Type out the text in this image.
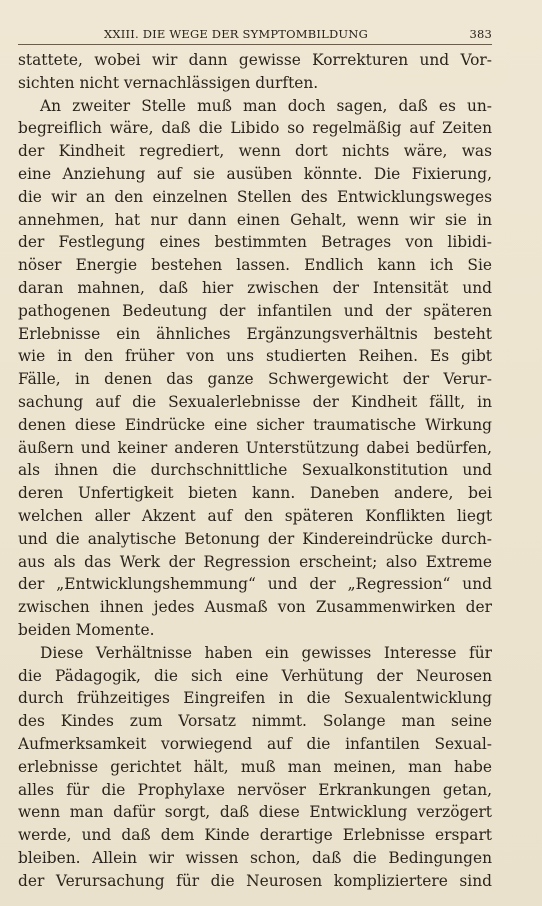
XXIII. DIE WEGE DER SYMPTOMBILDUNG	383
stattete, wobei wir dann gewisse Korrekturen und Vor-
sichten nicht vernachlässigen durften.
An zweiter Stelle muß man doch sagen, daß es un-
begreiflich wäre, daß die Libido so regelmäßig auf Zeiten
der Kindheit regrediert, wenn dort nichts wäre, was
eine Anziehung auf sie ausüben könnte. Die Fixierung,
die wir an den einzelnen Stellen des Entwicklungsweges
annehmen, hat nur dann einen Gehalt, wenn wir sie in
der Festlegung eines bestimmten Betrages von libidi-
nöser Energie bestehen lassen. Endlich kann ich Sie
daran mahnen, daß hier zwischen der Intensität und
pathogenen Bedeutung der infantilen und der späteren
Erlebnisse ein ähnliches Ergänzungsverhältnis besteht
wie in den früher von uns studierten Reihen. Es gibt
Fälle, in denen das ganze Schwergewicht der Verur-
sachung auf die Sexualerlebnisse der Kindheit fällt, in
denen diese Eindrücke eine sicher traumatische Wirkung
äußern und keiner anderen Unterstützung dabei bedürfen,
als ihnen die durchschnittliche Sexualkonstitution und
deren Unfertigkeit bieten kann. Daneben andere, bei
welchen aller Akzent auf den späteren Konflikten liegt
und die analytische Betonung der Kindereindrücke durch-
aus als das Werk der Regression erscheint; also Extreme
der „Entwicklungshemmung“ und der „Regression“ und
zwischen ihnen jedes Ausmaß von Zusammenwirken der
beiden Momente.
Diese Verhältnisse haben ein gewisses Interesse für
die Pädagogik, die sich eine Verhütung der Neurosen
durch frühzeitiges Eingreifen in die Sexualentwicklung
des Kindes zum Vorsatz nimmt. Solange man seine
Aufmerksamkeit vorwiegend auf die infantilen Sexual-
erlebnisse gerichtet hält, muß man meinen, man habe
alles für die Prophylaxe nervöser Erkrankungen getan,
wenn man dafür sorgt, daß diese Entwicklung verzögert
werde, und daß dem Kinde derartige Erlebnisse erspart
bleiben. Allein wir wissen schon, daß die Bedingungen
der Verursachung für die Neurosen kompliziertere sind
